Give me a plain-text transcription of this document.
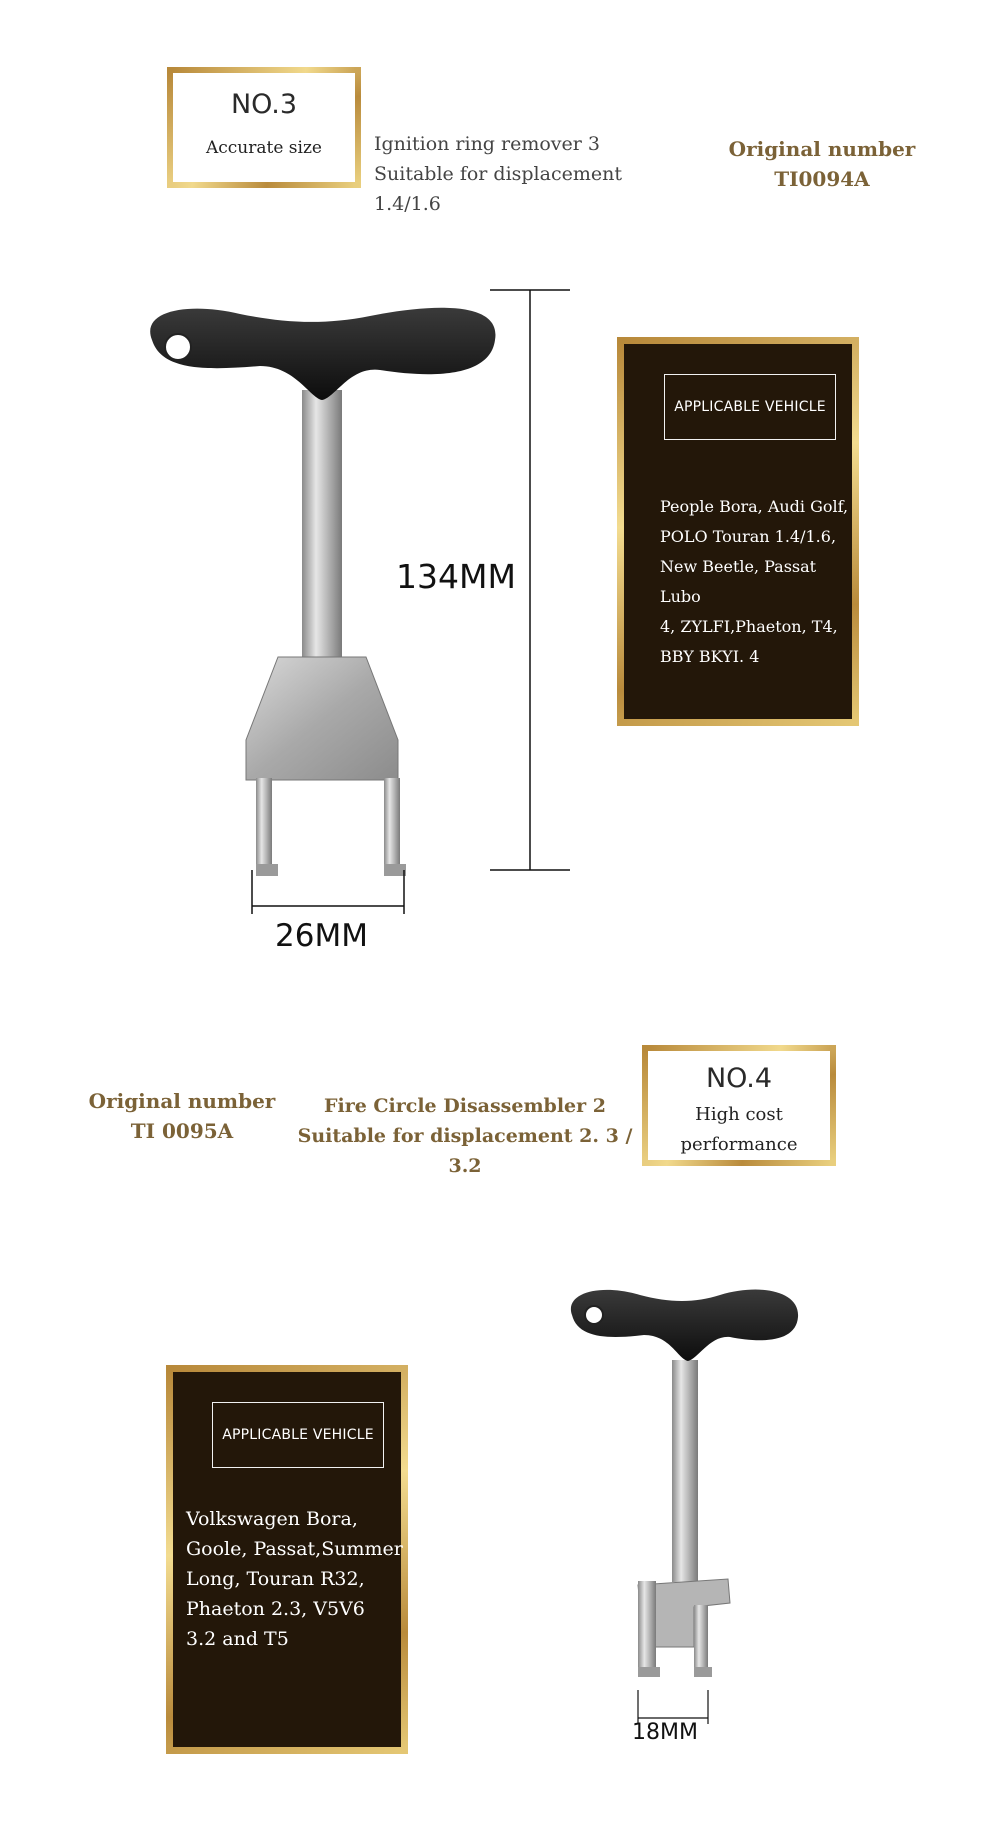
NO.3
Accurate size	Ignition ring remover 3
Suitable for displacement 1.4/1.6
Original number
TI0094A
134MM
26MM
APPLICABLE VEHICLE
People Bora, Audi Golf,
POLO Touran 1.4/1.6,
New Beetle, Passat Lubo
4, ZYLFI,Phaeton, T4,
BBY BKYI. 4
Original number
TI 0095A
Fire Circle Disassembler 2
Suitable for displacement 2. 3 / 3.2
NO.4
High cost
performance
APPLICABLE VEHICLE
Volkswagen Bora,
Goole, Passat,Summer
Long, Touran R32,
Phaeton 2.3, V5V6
3.2 and T5
18MM
